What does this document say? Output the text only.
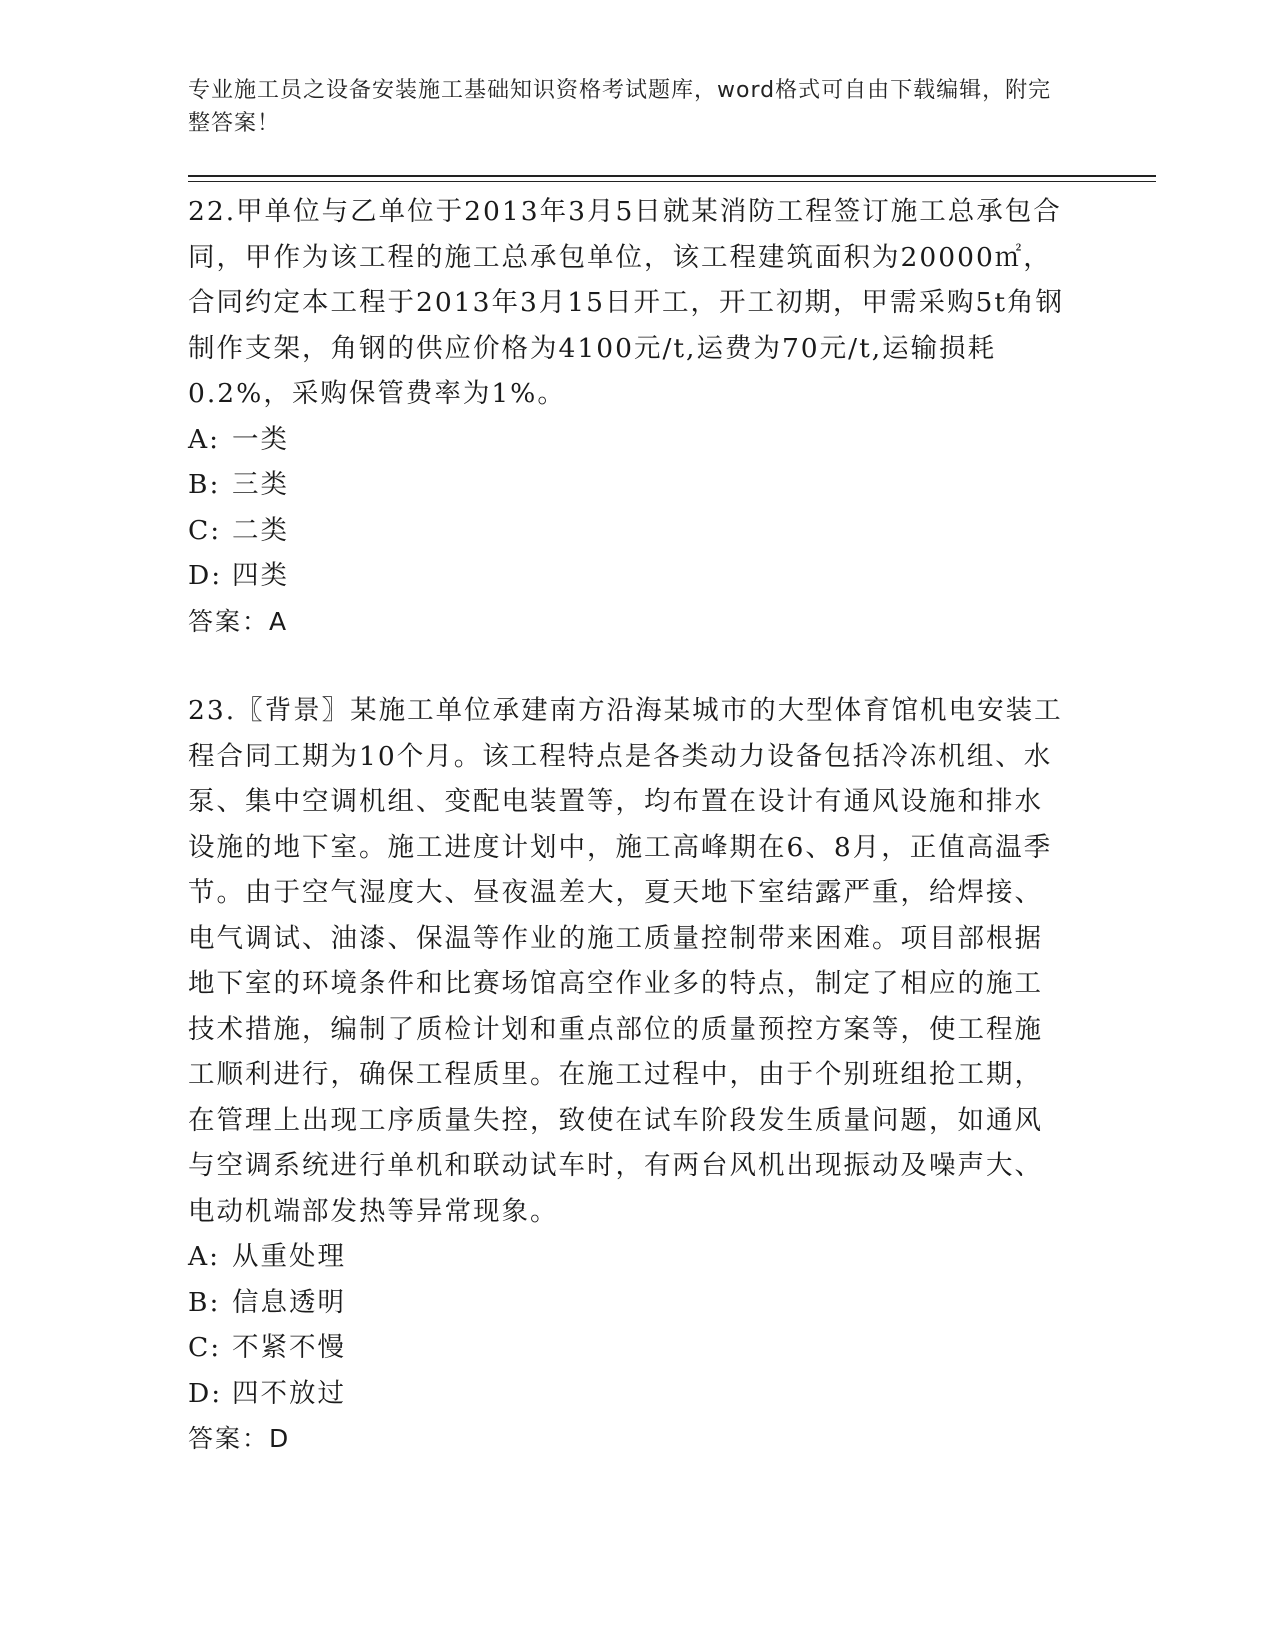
专业施工员之设备安装施工基础知识资格考试题库，word格式可自由下载编辑，附完整答案！

22.甲单位与乙单位于2013年3月5日就某消防工程签订施工总承包合同，甲作为该工程的施工总承包单位，该工程建筑面积为20000㎡，合同约定本工程于2013年3月15日开工，开工初期，甲需采购5t角钢制作支架，角钢的供应价格为4100元/t,运费为70元/t,运输损耗0.2%，采购保管费率为1%。

A: 一类

B: 三类

C: 二类

D: 四类

答案：A

23.〖背景〗某施工单位承建南方沿海某城市的大型体育馆机电安装工程合同工期为10个月。该工程特点是各类动力设备包括冷冻机组、水泵、集中空调机组、变配电装置等，均布置在设计有通风设施和排水设施的地下室。施工进度计划中，施工高峰期在6、8月，正值高温季节。由于空气湿度大、昼夜温差大，夏天地下室结露严重，给焊接、电气调试、油漆、保温等作业的施工质量控制带来困难。项目部根据地下室的环境条件和比赛场馆高空作业多的特点，制定了相应的施工技术措施，编制了质检计划和重点部位的质量预控方案等，使工程施工顺利进行，确保工程质里。在施工过程中，由于个别班组抢工期，在管理上出现工序质量失控，致使在试车阶段发生质量问题，如通风与空调系统进行单机和联动试车时，有两台风机出现振动及噪声大、电动机端部发热等异常现象。

A: 从重处理

B: 信息透明

C: 不紧不慢

D: 四不放过

答案：D
